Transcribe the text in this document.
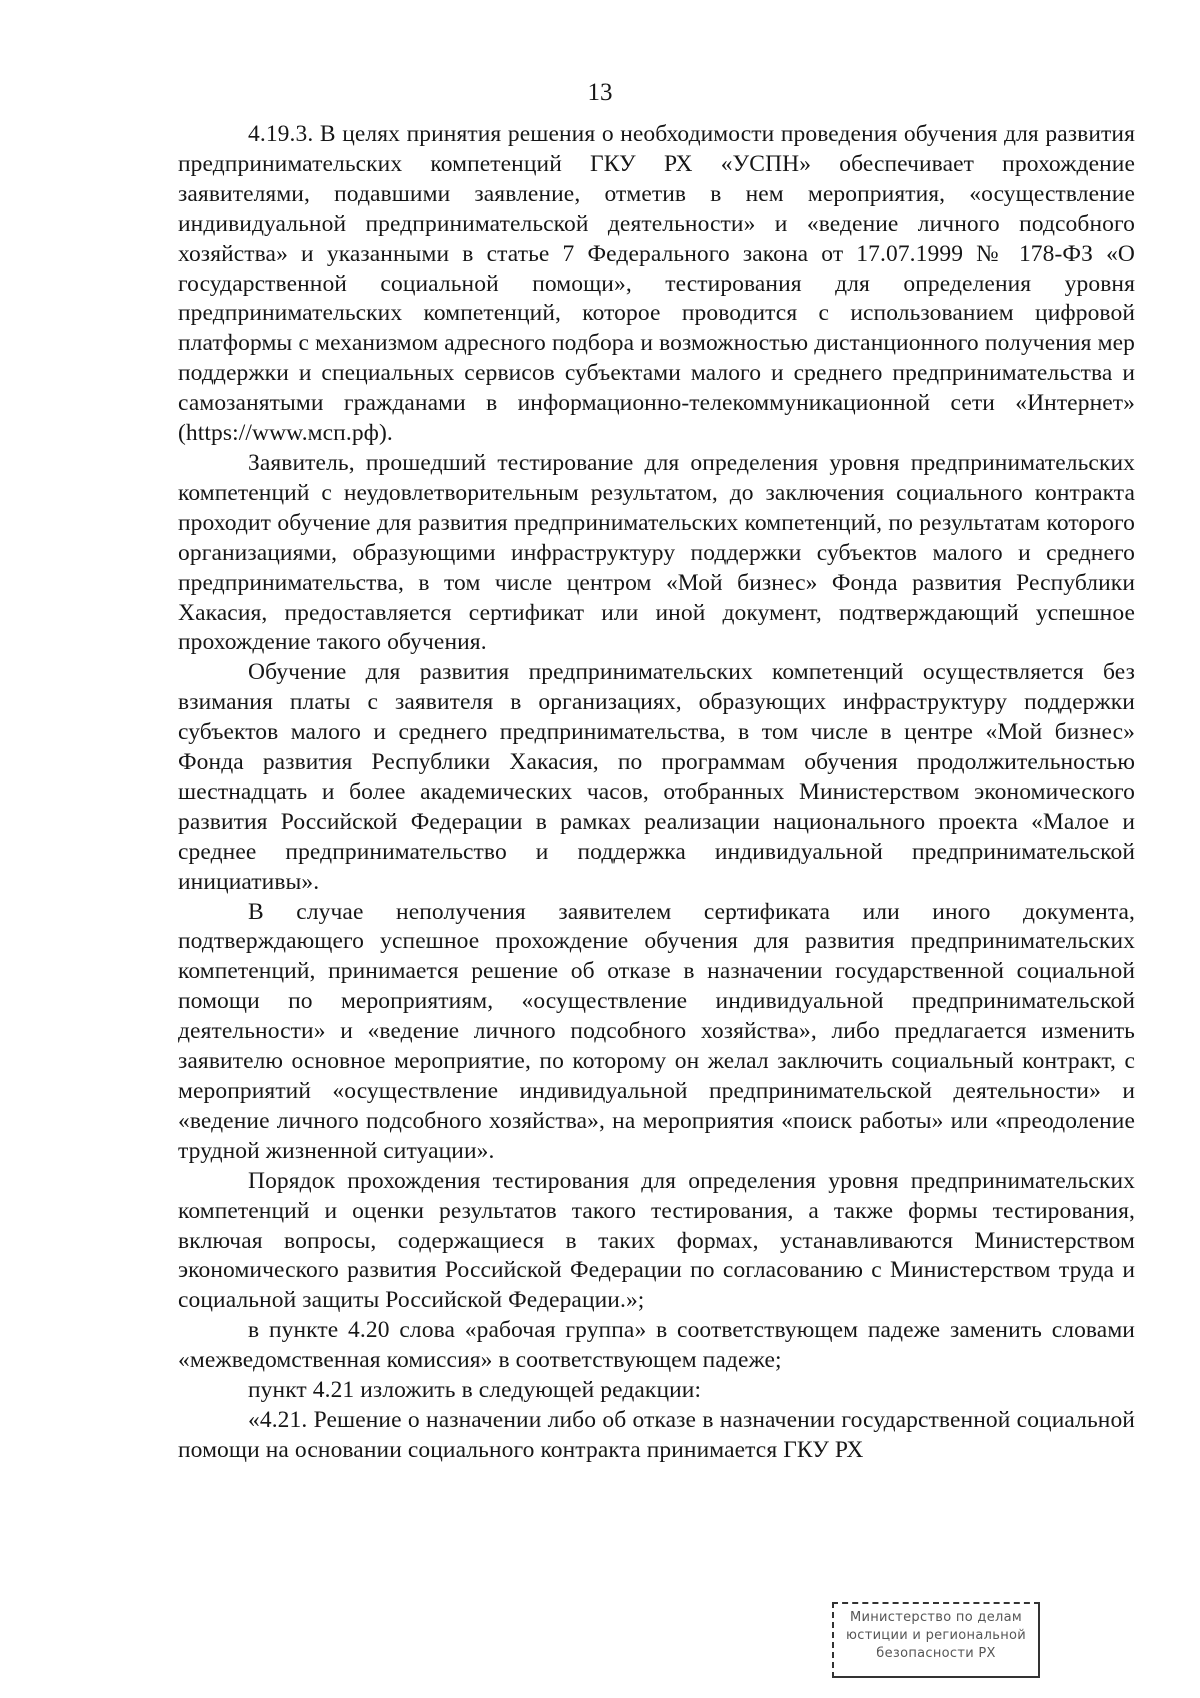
13

4.19.3. В целях принятия решения о необходимости проведения обучения для развития предпринимательских компетенций ГКУ РХ «УСПН» обеспечивает прохождение заявителями, подавшими заявление, отметив в нем мероприятия, «осуществление индивидуальной предпринимательской деятельности» и «ведение личного подсобного хозяйства» и указанными в статье 7 Федерального закона от 17.07.1999 № 178-ФЗ «О государственной социальной помощи», тестирования для определения уровня предпринимательских компетенций, которое проводится с использованием цифровой платформы с механизмом адресного подбора и возможностью дистанционного получения мер поддержки и специальных сервисов субъектами малого и среднего предпринимательства и самозанятыми гражданами в информационно-телекоммуникационной сети «Интернет» (https://www.мсп.рф).

Заявитель, прошедший тестирование для определения уровня предпринимательских компетенций с неудовлетворительным результатом, до заключения социального контракта проходит обучение для развития предпринимательских компетенций, по результатам которого организациями, образующими инфраструктуру поддержки субъектов малого и среднего предпринимательства, в том числе центром «Мой бизнес» Фонда развития Республики Хакасия, предоставляется сертификат или иной документ, подтверждающий успешное прохождение такого обучения.

Обучение для развития предпринимательских компетенций осуществляется без взимания платы с заявителя в организациях, образующих инфраструктуру поддержки субъектов малого и среднего предпринимательства, в том числе в центре «Мой бизнес» Фонда развития Республики Хакасия, по программам обучения продолжительностью шестнадцать и более академических часов, отобранных Министерством экономического развития Российской Федерации в рамках реализации национального проекта «Малое и среднее предпринимательство и поддержка индивидуальной предпринимательской инициативы».

В случае неполучения заявителем сертификата или иного документа, подтверждающего успешное прохождение обучения для развития предпринимательских компетенций, принимается решение об отказе в назначении государственной социальной помощи по мероприятиям, «осуществление индивидуальной предпринимательской деятельности» и «ведение личного подсобного хозяйства», либо предлагается изменить заявителю основное мероприятие, по которому он желал заключить социальный контракт, с мероприятий «осуществление индивидуальной предпринимательской деятельности» и «ведение личного подсобного хозяйства», на мероприятия «поиск работы» или «преодоление трудной жизненной ситуации».

Порядок прохождения тестирования для определения уровня предпринимательских компетенций и оценки результатов такого тестирования, а также формы тестирования, включая вопросы, содержащиеся в таких формах, устанавливаются Министерством экономического развития Российской Федерации по согласованию с Министерством труда и социальной защиты Российской Федерации.»;

в пункте 4.20 слова «рабочая группа» в соответствующем падеже заменить словами «межведомственная комиссия» в соответствующем падеже;

пункт 4.21 изложить в следующей редакции:

«4.21. Решение о назначении либо об отказе в назначении государственной социальной помощи на основании социального контракта принимается ГКУ РХ

Министерство по делам
юстиции и региональной
безопасности РХ
